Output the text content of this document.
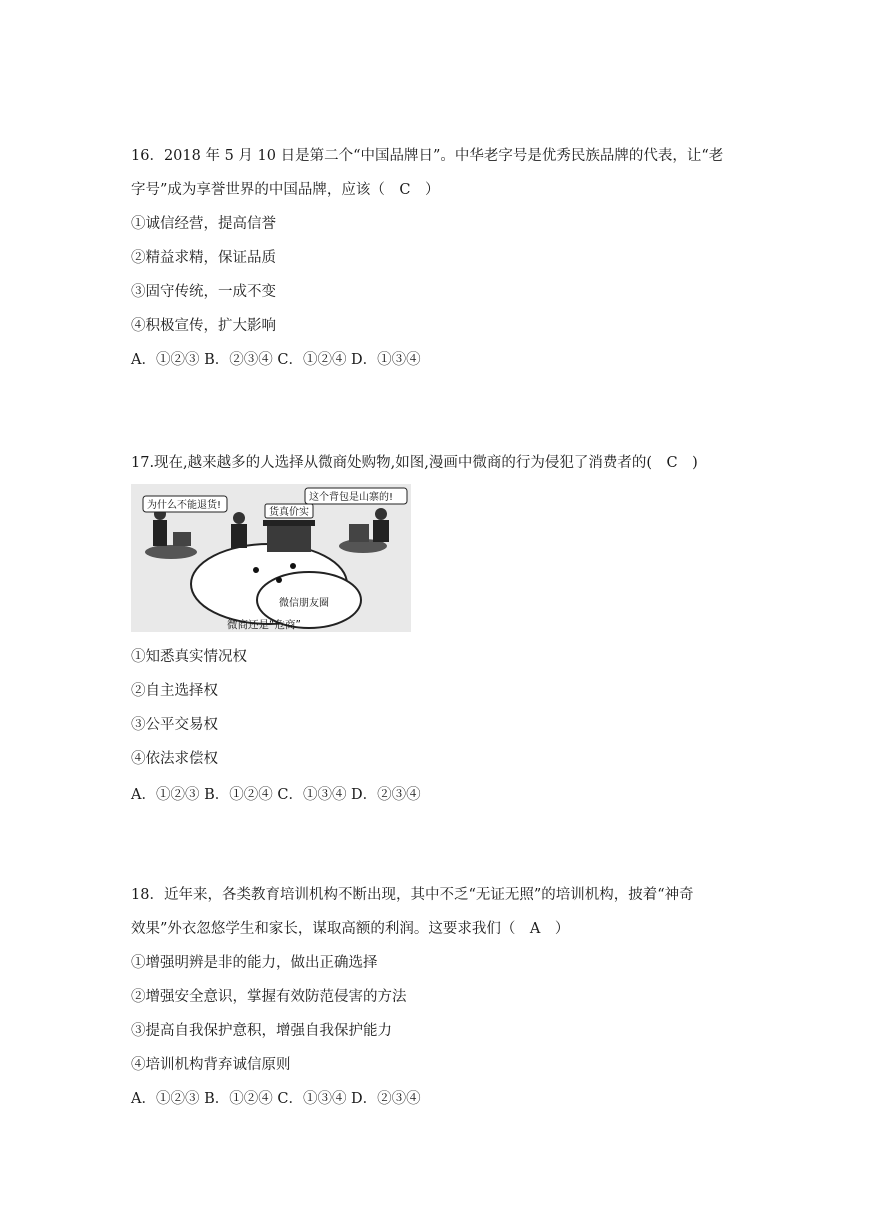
16．2018 年 5 月 10 日是第二个“中国品牌日”。中华老字号是优秀民族品牌的代表，让“老
字号”成为享誉世界的中国品牌，应该（　C　）
①诚信经营，提高信誉
②精益求精，保证品质
③固守传统，一成不变
④积极宣传，扩大影响
A．①②③ B．②③④ C．①②④ D．①③④
17.现在,越来越多的人选择从微商处购物,如图,漫画中微商的行为侵犯了消费者的(　C　)
为什么不能退货!
货真价实
这个背包是山寨的!
微信朋友圈
微商还是“危商”
①知悉真实情况权
②自主选择权
③公平交易权
④依法求偿权
A．①②③ B．①②④ C．①③④ D．②③④
18．近年来，各类教育培训机构不断出现，其中不乏“无证无照”的培训机构，披着“神奇
效果”外衣忽悠学生和家长，谋取高额的利润。这要求我们（　A　）
①增强明辨是非的能力，做出正确选择
②增强安全意识，掌握有效防范侵害的方法
③提高自我保护意积，增强自我保护能力
④培训机构背弃诚信原则
A．①②③ B．①②④ C．①③④ D．②③④
